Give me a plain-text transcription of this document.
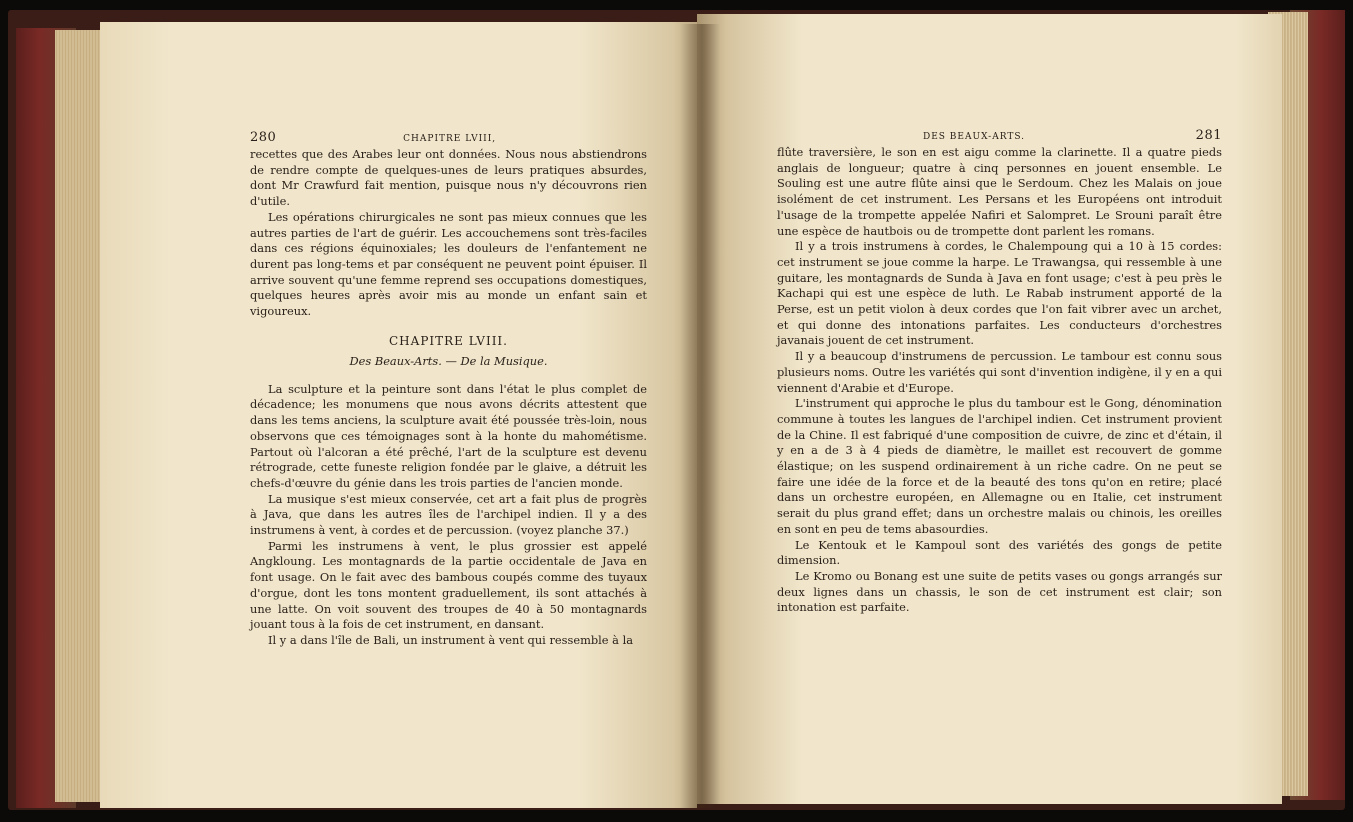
280	CHAPITRE LVIII,

recettes que des Arabes leur ont données. Nous nous abstiendrons de rendre compte de quelques-unes de leurs pratiques absurdes, dont Mr Crawfurd fait mention, puisque nous n'y découvrons rien d'utile.

Les opérations chirurgicales ne sont pas mieux connues que les autres parties de l'art de guérir. Les accouchemens sont très-faciles dans ces régions équinoxiales; les douleurs de l'enfantement ne durent pas long-tems et par conséquent ne peuvent point épuiser. Il arrive souvent qu'une femme reprend ses occupations domestiques, quelques heures après avoir mis au monde un enfant sain et vigoureux.

CHAPITRE LVIII.
Des Beaux-Arts. — De la Musique.

La sculpture et la peinture sont dans l'état le plus complet de décadence; les monumens que nous avons décrits attestent que dans les tems anciens, la sculpture avait été poussée très-loin, nous observons que ces témoignages sont à la honte du mahométisme. Partout où l'alcoran a été prêché, l'art de la sculpture est devenu rétrograde, cette funeste religion fondée par le glaive, a détruit les chefs-d'œuvre du génie dans les trois parties de l'ancien monde.

La musique s'est mieux conservée, cet art a fait plus de progrès à Java, que dans les autres îles de l'archipel indien. Il y a des instrumens à vent, à cordes et de percussion. (voyez planche 37.)

Parmi les instrumens à vent, le plus grossier est appelé Angkloung. Les montagnards de la partie occidentale de Java en font usage. On le fait avec des bambous coupés comme des tuyaux d'orgue, dont les tons montent graduellement, ils sont attachés à une latte. On voit souvent des troupes de 40 à 50 montagnards jouant tous à la fois de cet instrument, en dansant.

Il y a dans l'île de Bali, un instrument à vent qui ressemble à la

DES BEAUX-ARTS.	281

flûte traversière, le son en est aigu comme la clarinette. Il a quatre pieds anglais de longueur; quatre à cinq personnes en jouent ensemble. Le Souling est une autre flûte ainsi que le Serdoum. Chez les Malais on joue isolément de cet instrument. Les Persans et les Européens ont introduit l'usage de la trompette appelée Nafiri et Salompret. Le Srouni paraît être une espèce de hautbois ou de trompette dont parlent les romans.

Il y a trois instrumens à cordes, le Chalempoung qui a 10 à 15 cordes: cet instrument se joue comme la harpe. Le Trawangsa, qui ressemble à une guitare, les montagnards de Sunda à Java en font usage; c'est à peu près le Kachapi qui est une espèce de luth. Le Rabab instrument apporté de la Perse, est un petit violon à deux cordes que l'on fait vibrer avec un archet, et qui donne des intonations parfaites. Les conducteurs d'orchestres javanais jouent de cet instrument.

Il y a beaucoup d'instrumens de percussion. Le tambour est connu sous plusieurs noms. Outre les variétés qui sont d'invention indigène, il y en a qui viennent d'Arabie et d'Europe.

L'instrument qui approche le plus du tambour est le Gong, dénomination commune à toutes les langues de l'archipel indien. Cet instrument provient de la Chine. Il est fabriqué d'une composition de cuivre, de zinc et d'étain, il y en a de 3 à 4 pieds de diamètre, le maillet est recouvert de gomme élastique; on les suspend ordinairement à un riche cadre. On ne peut se faire une idée de la force et de la beauté des tons qu'on en retire; placé dans un orchestre européen, en Allemagne ou en Italie, cet instrument serait du plus grand effet; dans un orchestre malais ou chinois, les oreilles en sont en peu de tems abasourdies.

Le Kentouk et le Kampoul sont des variétés des gongs de petite dimension.

Le Kromo ou Bonang est une suite de petits vases ou gongs arrangés sur deux lignes dans un chassis, le son de cet instrument est clair; son intonation est parfaite.
